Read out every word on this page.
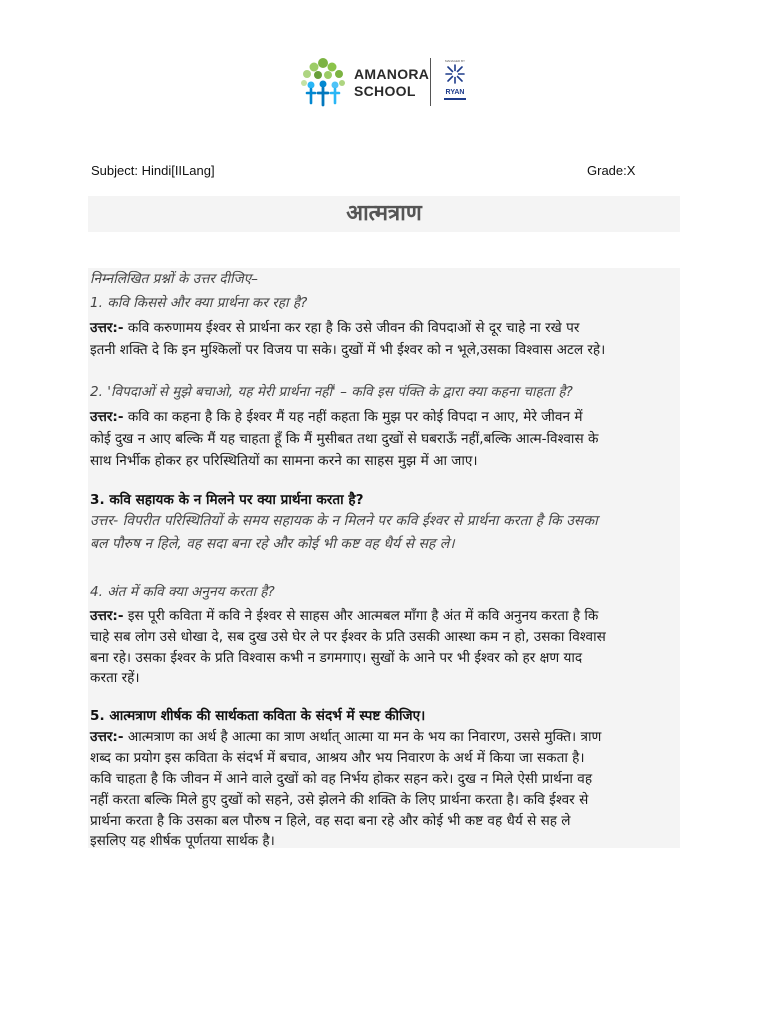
AMANORA
SCHOOL
MANAGED BY
RYAN
Subject: Hindi[IILang]	Grade:X
आत्मत्राण
निम्नलिखित प्रश्नों के उत्तर दीजिए–
1. कवि किससे और क्या प्रार्थना कर रहा है?
उत्तर:- कवि करुणामय ईश्वर से प्रार्थना कर रहा है कि उसे जीवन की विपदाओं से दूर चाहे ना रखे पर
इतनी शक्ति दे कि इन मुश्किलों पर विजय पा सके। दुखों में भी ईश्वर को न भूले,उसका विश्वास अटल रहे।
2. 'विपदाओं से मुझे बचाओ, यह मेरी प्रार्थना नहीं' – कवि इस पंक्ति के द्वारा क्या कहना चाहता है?
उत्तर:- कवि का कहना है कि हे ईश्वर मैं यह नहीं कहता कि मुझ पर कोई विपदा न आए, मेरे जीवन में
कोई दुख न आए बल्कि मैं यह चाहता हूँ कि मैं मुसीबत तथा दुखों से घबराऊँ नहीं,बल्कि आत्म-विश्वास के
साथ निर्भीक होकर हर परिस्थितियों का सामना करने का साहस मुझ में आ जाए।
3. कवि सहायक के न मिलने पर क्या प्रार्थना करता है?
उत्तर- विपरीत परिस्थितियों के समय सहायक के न मिलने पर कवि ईश्वर से प्रार्थना करता है कि उसका
बल पौरुष न हिले, वह सदा बना रहे और कोई भी कष्ट वह धैर्य से सह ले।
4. अंत में कवि क्या अनुनय करता है?
उत्तर:- इस पूरी कविता में कवि ने ईश्वर से साहस और आत्मबल माँगा है अंत में कवि अनुनय करता है कि
चाहे सब लोग उसे धोखा दे, सब दुख उसे घेर ले पर ईश्वर के प्रति उसकी आस्था कम न हो, उसका विश्वास
बना रहे। उसका ईश्वर के प्रति विश्वास कभी न डगमगाए। सुखों के आने पर भी ईश्वर को हर क्षण याद
करता रहें।
5. आत्मत्राण शीर्षक की सार्थकता कविता के संदर्भ में स्पष्ट कीजिए।
उत्तर:- आत्मत्राण का अर्थ है आत्मा का त्राण अर्थात् आत्मा या मन के भय का निवारण, उससे मुक्ति। त्राण
शब्द का प्रयोग इस कविता के संदर्भ में बचाव, आश्रय और भय निवारण के अर्थ में किया जा सकता है।
कवि चाहता है कि जीवन में आने वाले दुखों को वह निर्भय होकर सहन करे। दुख न मिले ऐसी प्रार्थना वह
नहीं करता बल्कि मिले हुए दुखों को सहने, उसे झेलने की शक्ति के लिए प्रार्थना करता है। कवि ईश्वर से
प्रार्थना करता है कि उसका बल पौरुष न हिले, वह सदा बना रहे और कोई भी कष्ट वह धैर्य से सह ले
इसलिए यह शीर्षक पूर्णतया सार्थक है।
